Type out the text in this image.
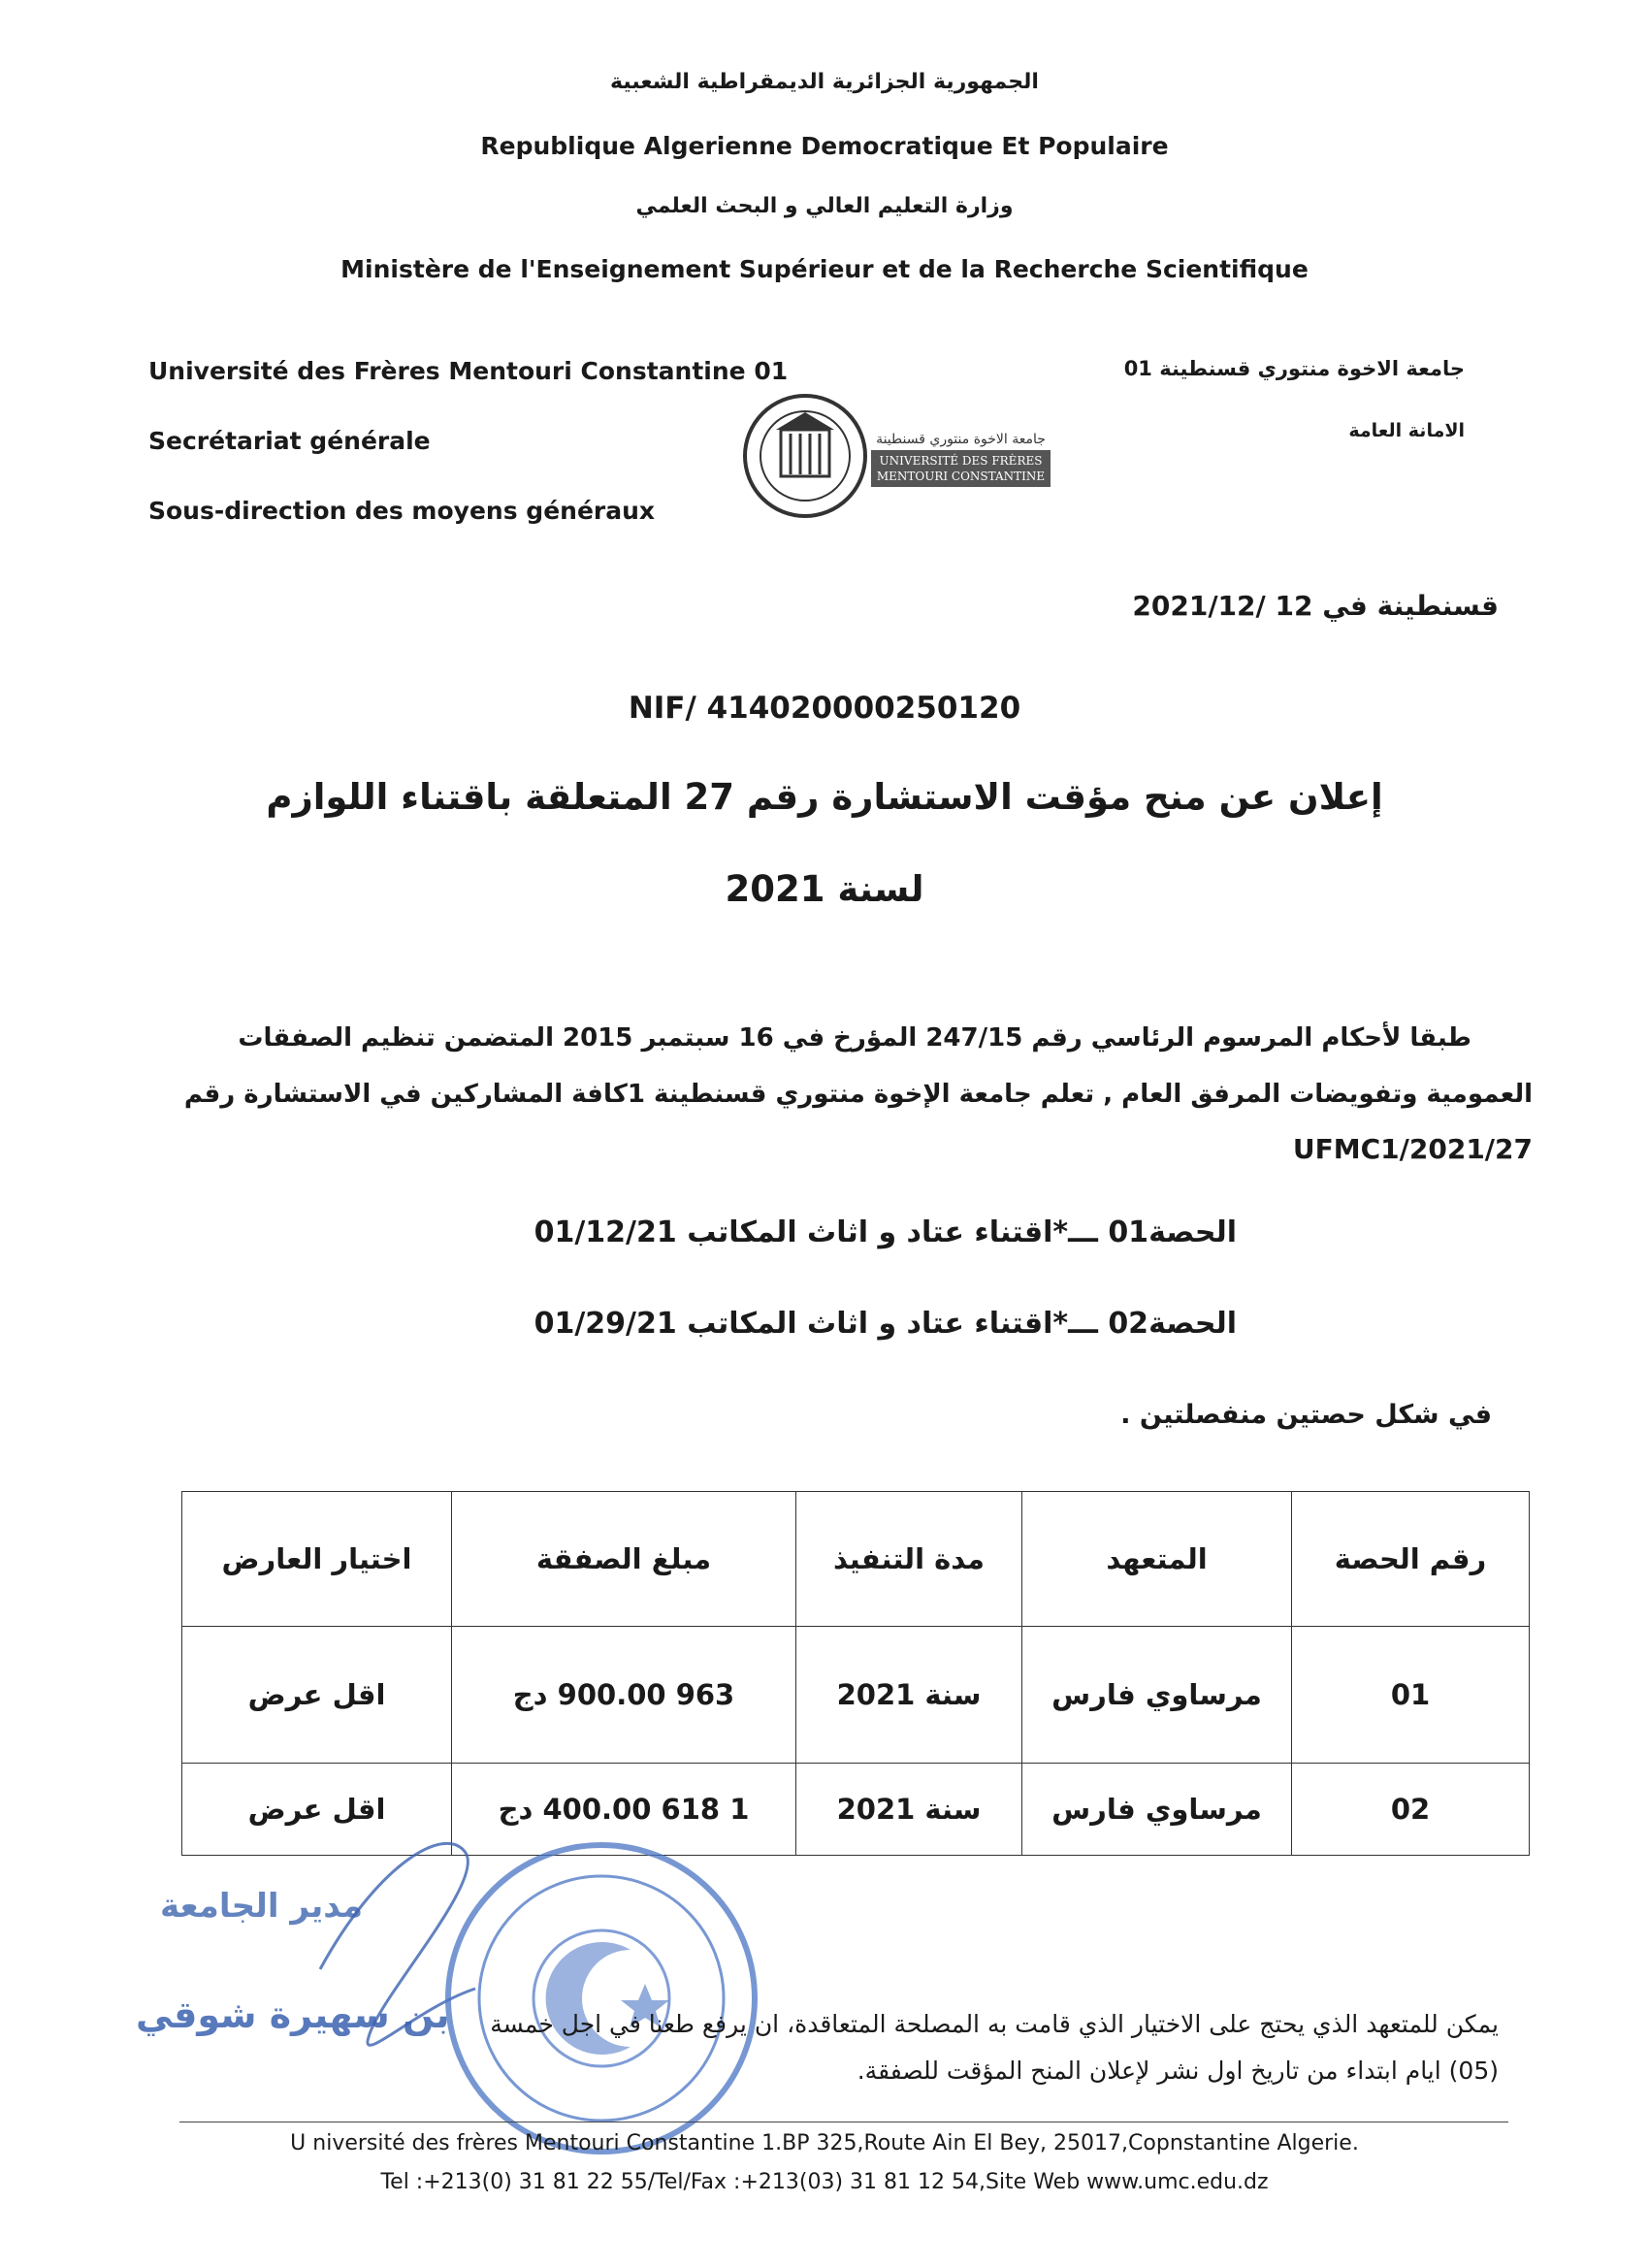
الجمهورية الجزائرية الديمقراطية الشعبية
Republique Algerienne Democratique Et Populaire
وزارة التعليم العالي و البحث العلمي
Ministère de l'Enseignement Supérieur et de la Recherche Scientifique
Université des Frères Mentouri Constantine 01
Secrétariat générale
Sous-direction des moyens généraux
جامعة الاخوة منتوري قسنطينة 01
الامانة العامة
جامعة الاخوة منتوري قسنطينة
UNIVERSITÉ DES FRÈRES
MENTOURI CONSTANTINE
قسنطينة في 12 /2021/12
NIF/ 414020000250120
إعلان عن منح مؤقت الاستشارة رقم 27 المتعلقة باقتناء اللوازم
لسنة 2021
طبقا لأحكام المرسوم الرئاسي رقم 247/15 المؤرخ في 16 سبتمبر 2015 المتضمن تنظيم الصفقات
العمومية وتفويضات المرفق العام , تعلم جامعة الإخوة منتوري قسنطينة 1كافة المشاركين في الاستشارة رقم
UFMC1/2021/27
الحصة01 ـــ*اقتناء عتاد و اثاث المكاتب 01/12/21
الحصة02 ـــ*اقتناء عتاد و اثاث المكاتب 01/29/21
في شكل حصتين منفصلتين .
اختيار العارض	مبلغ الصفقة	مدة التنفيذ	المتعهد	رقم الحصة
اقل عرض	963 900.00 دج	سنة 2021	مرساوي فارس	01
اقل عرض	1 618 400.00 دج	سنة 2021	مرساوي فارس	02
مدير الجامعة
بن سهيرة شوقي يمكن للمتعهد الذي يحتج على الاختيار الذي قامت به المصلحة المتعاقدة، ان يرفع طعنا في اجل خمسة
(05) ايام ابتداء من تاريخ اول نشر لإعلان المنح المؤقت للصفقة.
U niversité des frères Mentouri Constantine 1.BP 325,Route Ain El Bey, 25017,Copnstantine Algerie.
Tel :+213(0) 31 81 22 55/Tel/Fax :+213(03) 31 81 12 54,Site Web www.umc.edu.dz
